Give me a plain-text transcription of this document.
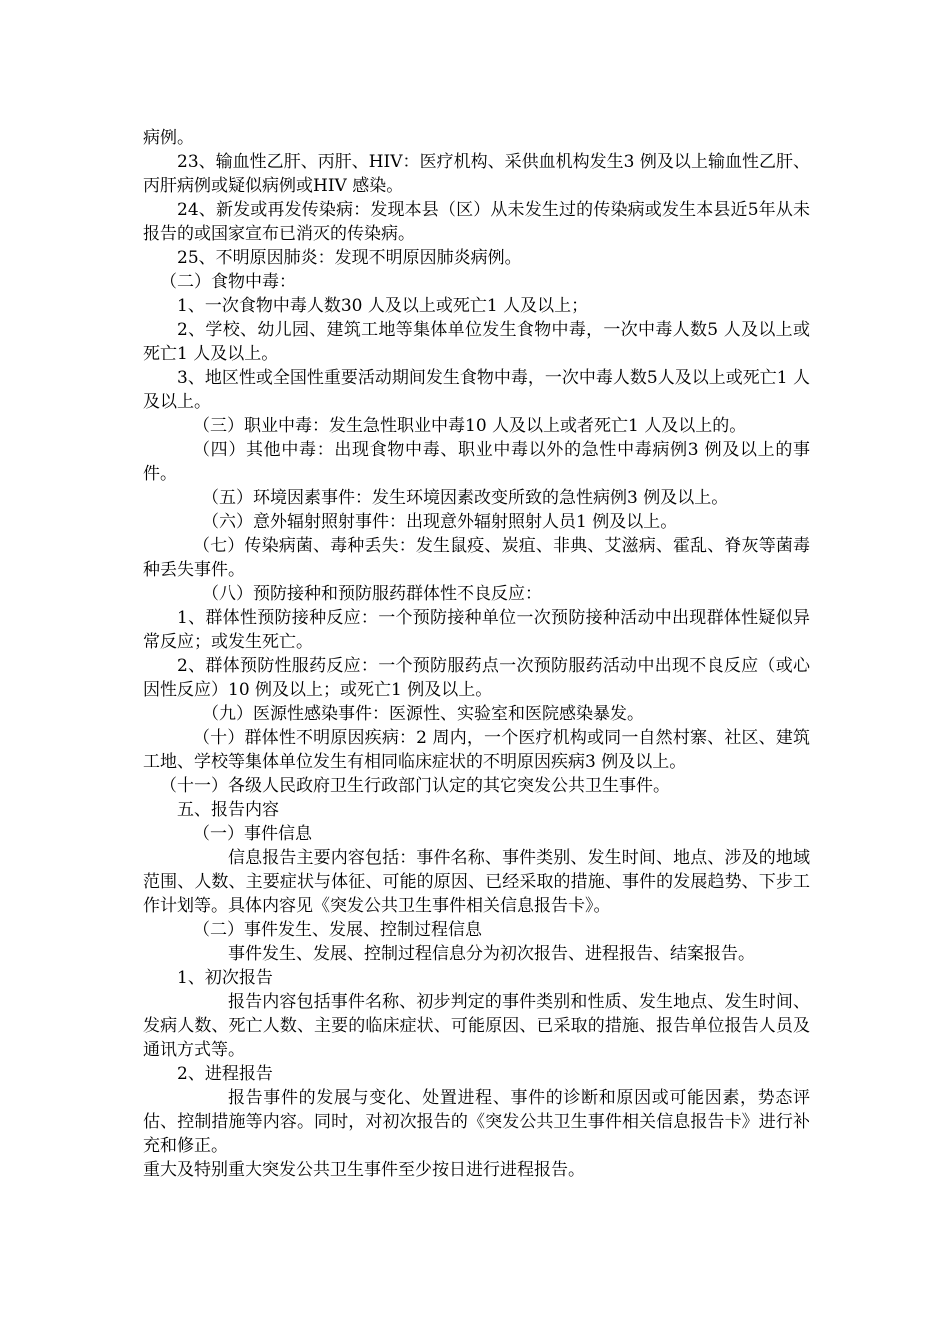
病例。

23、输血性乙肝、丙肝、HIV：医疗机构、采供血机构发生3 例及以上输血性乙肝、丙肝病例或疑似病例或HIV 感染。

24、新发或再发传染病：发现本县（区）从未发生过的传染病或发生本县近5年从未报告的或国家宣布已消灭的传染病。

25、不明原因肺炎：发现不明原因肺炎病例。

（二）食物中毒：

1、一次食物中毒人数30 人及以上或死亡1 人及以上；

2、学校、幼儿园、建筑工地等集体单位发生食物中毒，一次中毒人数5 人及以上或死亡1 人及以上。

3、地区性或全国性重要活动期间发生食物中毒，一次中毒人数5人及以上或死亡1 人及以上。

（三）职业中毒：发生急性职业中毒10 人及以上或者死亡1 人及以上的。

（四）其他中毒：出现食物中毒、职业中毒以外的急性中毒病例3 例及以上的事件。

（五）环境因素事件：发生环境因素改变所致的急性病例3 例及以上。

（六）意外辐射照射事件：出现意外辐射照射人员1 例及以上。

（七）传染病菌、毒种丢失：发生鼠疫、炭疽、非典、艾滋病、霍乱、脊灰等菌毒种丢失事件。

（八）预防接种和预防服药群体性不良反应：

1、群体性预防接种反应：一个预防接种单位一次预防接种活动中出现群体性疑似异常反应；或发生死亡。

2、群体预防性服药反应：一个预防服药点一次预防服药活动中出现不良反应（或心因性反应）10 例及以上；或死亡1 例及以上。

（九）医源性感染事件：医源性、实验室和医院感染暴发。

（十）群体性不明原因疾病：2 周内，一个医疗机构或同一自然村寨、社区、建筑工地、学校等集体单位发生有相同临床症状的不明原因疾病3 例及以上。

（十一）各级人民政府卫生行政部门认定的其它突发公共卫生事件。

五、报告内容

（一）事件信息

信息报告主要内容包括：事件名称、事件类别、发生时间、地点、涉及的地域范围、人数、主要症状与体征、可能的原因、已经采取的措施、事件的发展趋势、下步工作计划等。具体内容见《突发公共卫生事件相关信息报告卡》。

（二）事件发生、发展、控制过程信息

事件发生、发展、控制过程信息分为初次报告、进程报告、结案报告。

1、初次报告

报告内容包括事件名称、初步判定的事件类别和性质、发生地点、发生时间、发病人数、死亡人数、主要的临床症状、可能原因、已采取的措施、报告单位报告人员及通讯方式等。

2、进程报告

报告事件的发展与变化、处置进程、事件的诊断和原因或可能因素，势态评估、控制措施等内容。同时，对初次报告的《突发公共卫生事件相关信息报告卡》进行补充和修正。

重大及特别重大突发公共卫生事件至少按日进行进程报告。
